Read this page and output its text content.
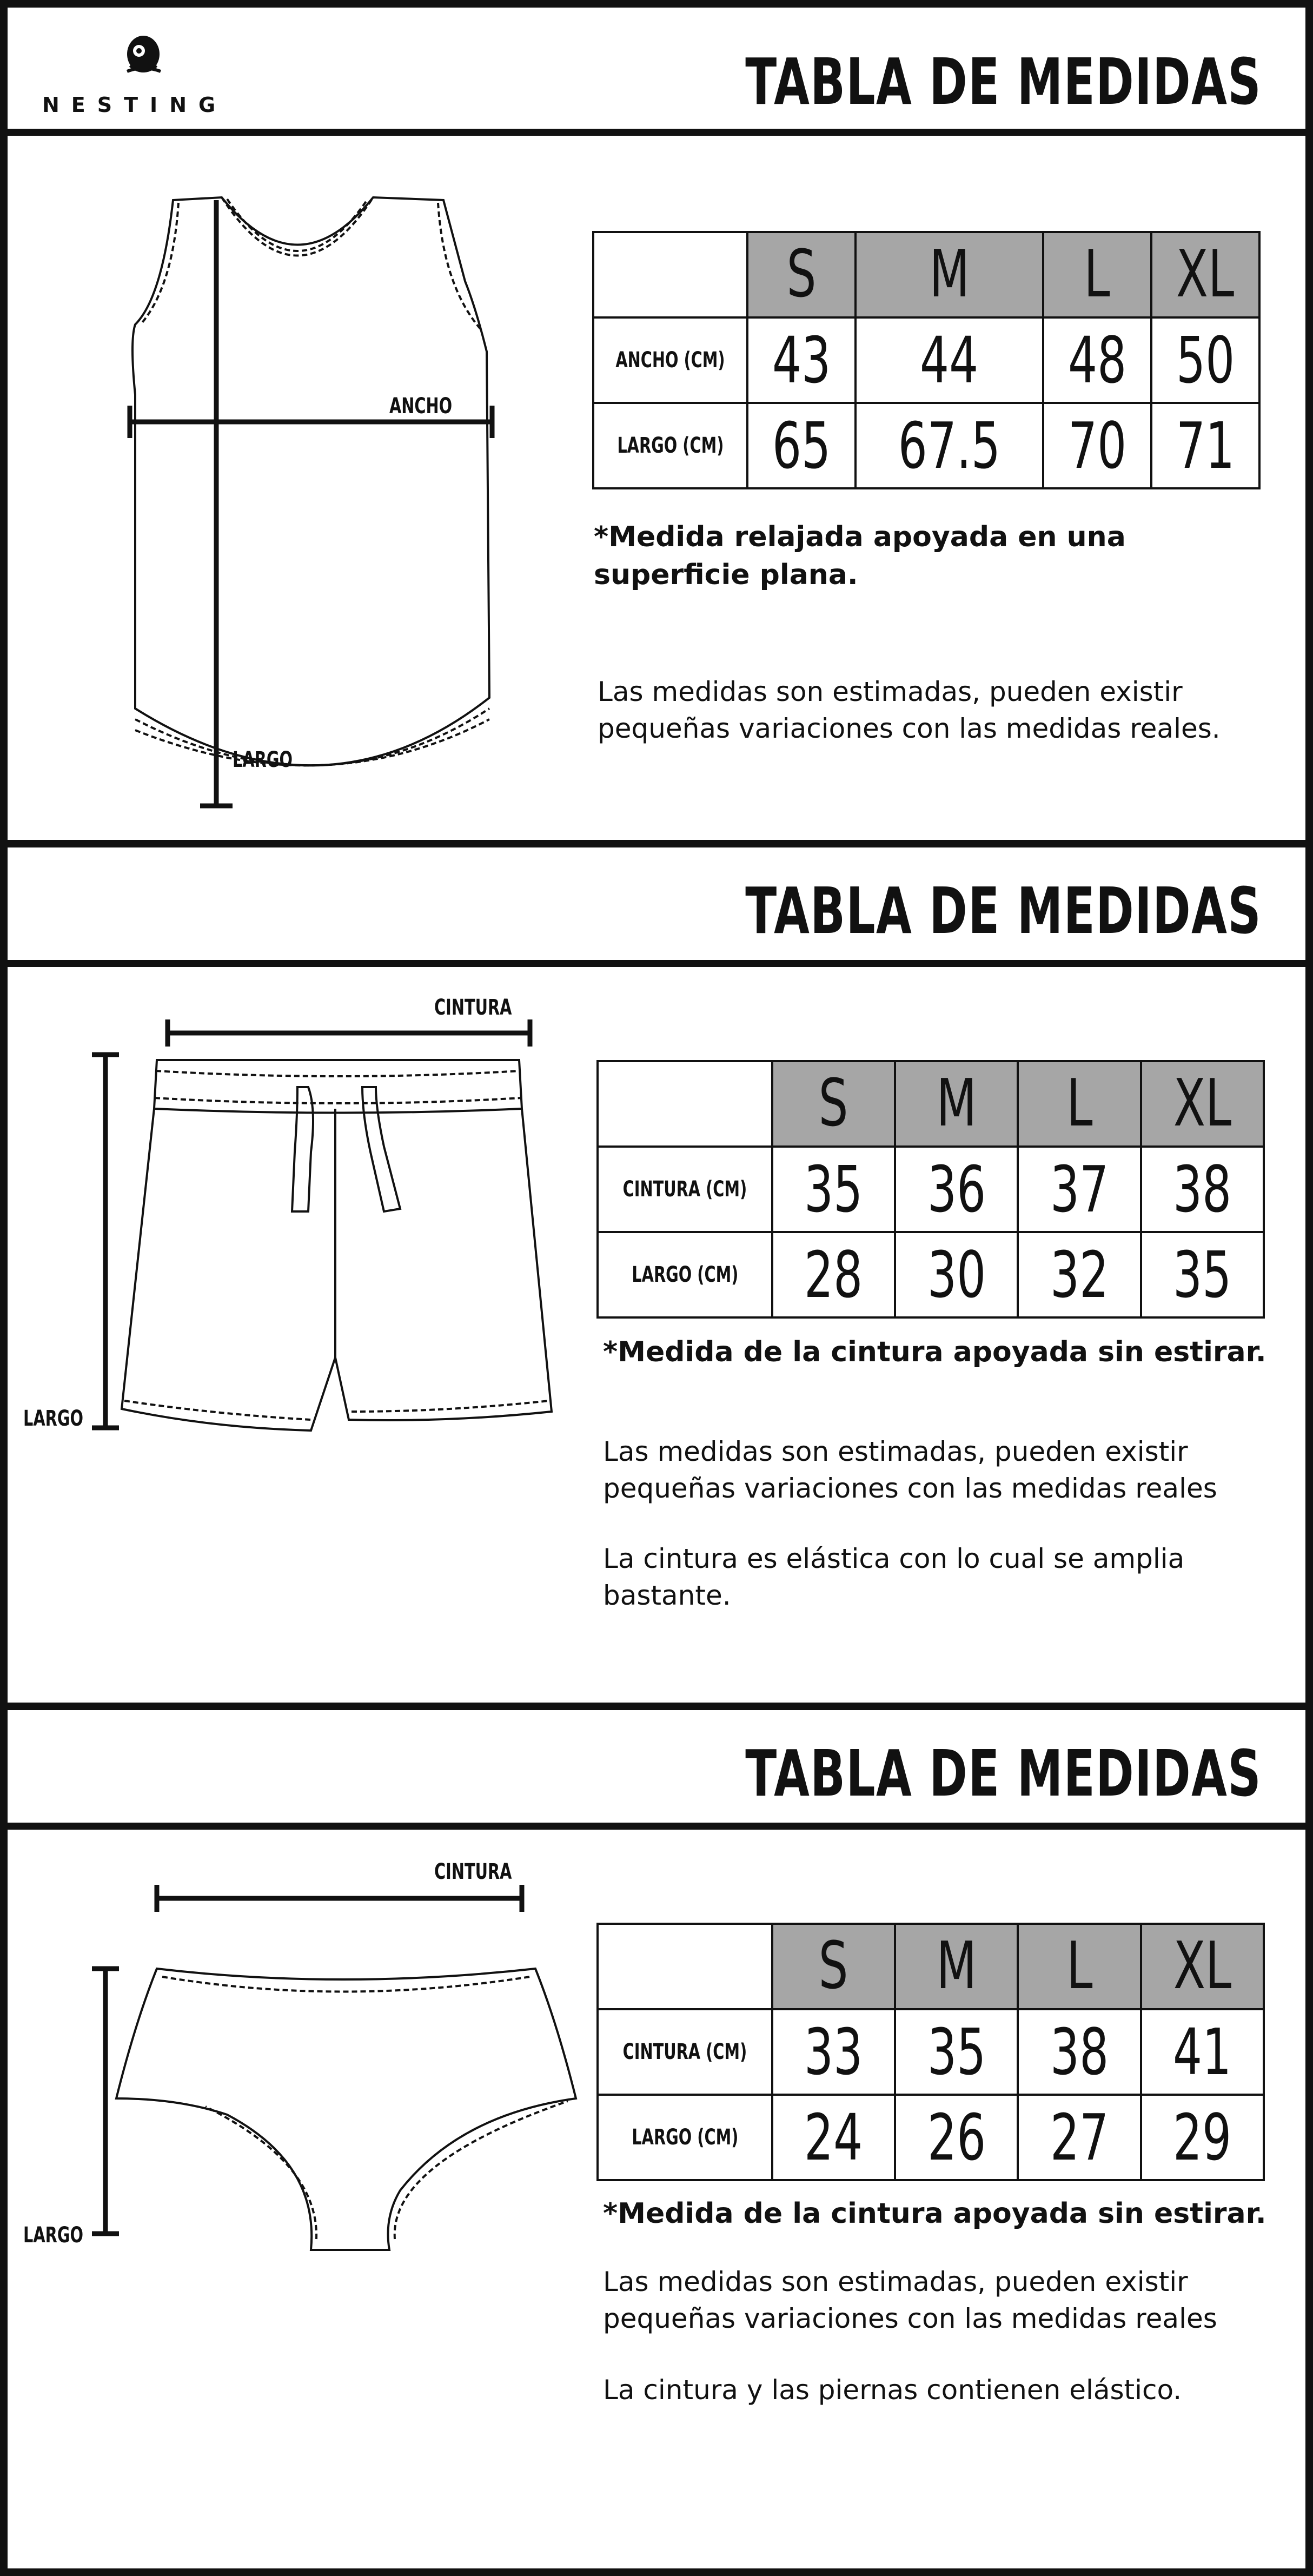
NESTING	TABLA DE MEDIDAS
ANCHO
LARGO
	S	M	L	XL
ANCHO (CM)	43	44	48	50
LARGO (CM)	65	67.5	70	71
*Medida relajada apoyada en una superficie plana.
Las medidas son estimadas, pueden existir pequeñas variaciones con las medidas reales.
TABLA DE MEDIDAS
CINTURA
LARGO
	S	M	L	XL
CINTURA (CM)	35	36	37	38
LARGO (CM)	28	30	32	35
*Medida de la cintura apoyada sin estirar.
Las medidas son estimadas, pueden existir pequeñas variaciones con las medidas reales
La cintura es elástica con lo cual se amplia bastante.
TABLA DE MEDIDAS
CINTURA
LARGO
	S	M	L	XL
CINTURA (CM)	33	35	38	41
LARGO (CM)	24	26	27	29
*Medida de la cintura apoyada sin estirar.
Las medidas son estimadas, pueden existir pequeñas variaciones con las medidas reales
La cintura y las piernas contienen elástico.
